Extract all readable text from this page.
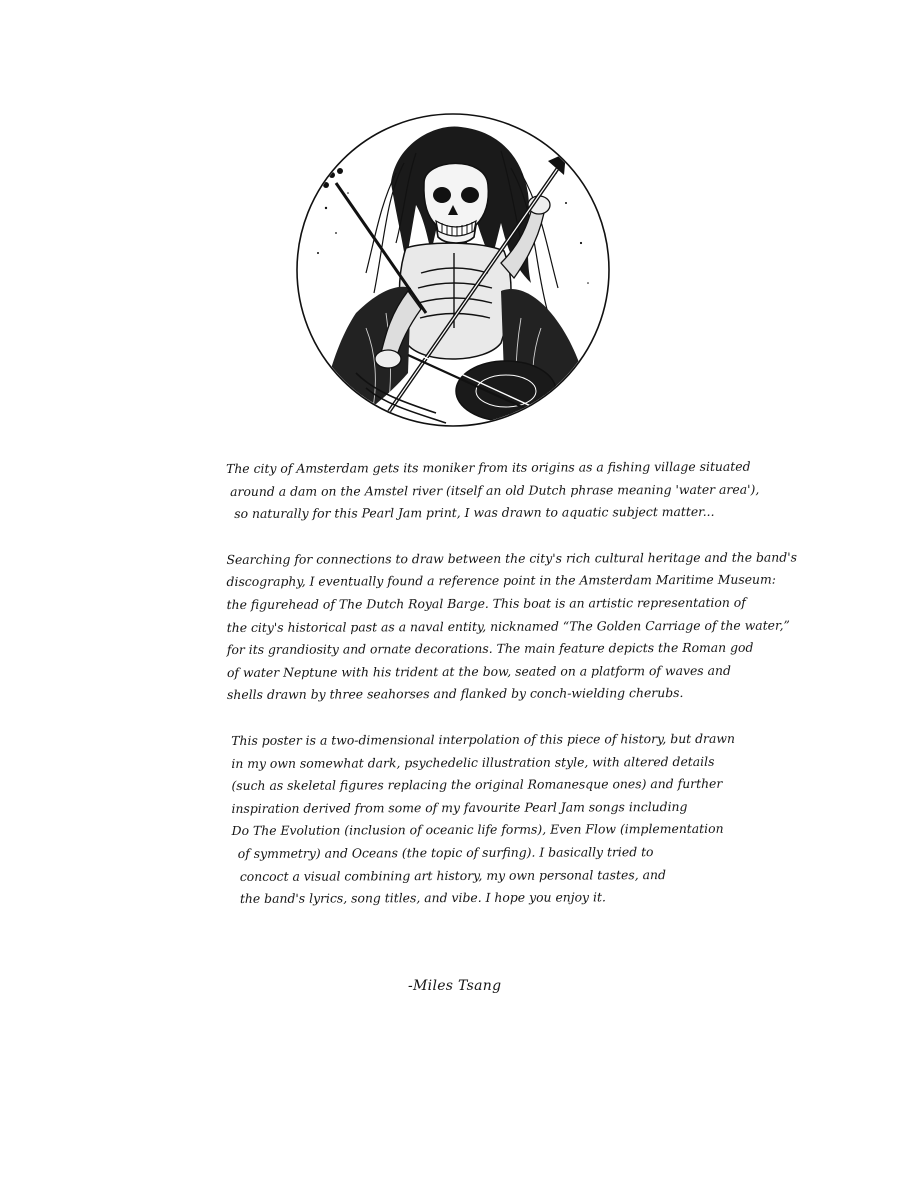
The city of Amsterdam gets its moniker from its origins as a fishing village situated
around a dam on the Amstel river (itself an old Dutch phrase meaning 'water area'),
so naturally for this Pearl Jam print, I was drawn to aquatic subject matter...
Searching for connections to draw between the city's rich cultural heritage and the band's
discography, I eventually found a reference point in the Amsterdam Maritime Museum:
the figurehead of The Dutch Royal Barge. This boat is an artistic representation of
the city's historical past as a naval entity, nicknamed “The Golden Carriage of the water,”
for its grandiosity and ornate decorations. The main feature depicts the Roman god
of water Neptune with his trident at the bow, seated on a platform of waves and
shells drawn by three seahorses and flanked by conch-wielding cherubs.
This poster is a two-dimensional interpolation of this piece of history, but drawn
in my own somewhat dark, psychedelic illustration style, with altered details
(such as skeletal figures replacing the original Romanesque ones) and further
inspiration derived from some of my favourite Pearl Jam songs including
Do The Evolution (inclusion of oceanic life forms), Even Flow (implementation
of symmetry) and Oceans (the topic of surfing). I basically tried to
concoct a visual combining art history, my own personal tastes, and
the band's lyrics, song titles, and vibe. I hope you enjoy it.
-Miles Tsang
